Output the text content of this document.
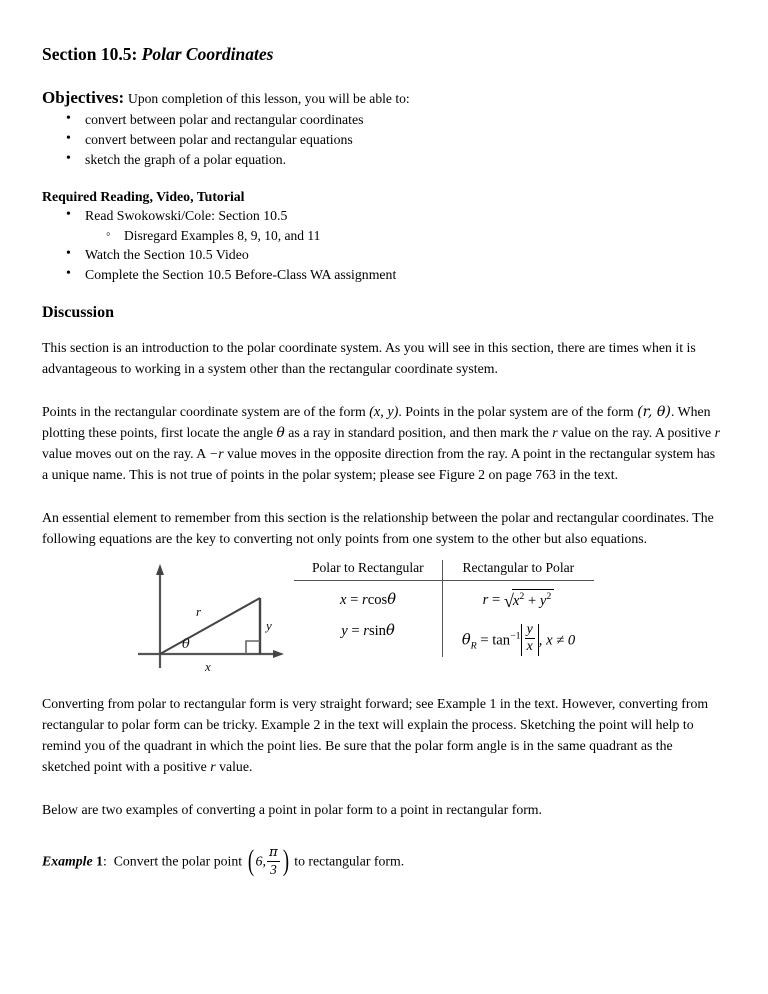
Section 10.5: Polar Coordinates

Objectives: Upon completion of this lesson, you will be able to:

• convert between polar and rectangular coordinates
• convert between polar and rectangular equations
• sketch the graph of a polar equation.

Required Reading, Video, Tutorial

• Read Swokowski/Cole: Section 10.5
◦ Disregard Examples 8, 9, 10, and 11
• Watch the Section 10.5 Video
• Complete the Section 10.5 Before-Class WA assignment
Discussion

This section is an introduction to the polar coordinate system. As you will see in this section, there are times when it is advantageous to working in a system other than the rectangular coordinate system.

Points in the rectangular coordinate system are of the form (x, y). Points in the polar system are of the form (r, θ). When plotting these points, first locate the angle θ as a ray in standard position, and then mark the r value on the ray. A positive r value moves out on the ray. A −r value moves in the opposite direction from the ray. A point in the rectangular system has a unique name. This is not true of points in the polar system; please see Figure 2 on page 763 in the text.

An essential element to remember from this section is the relationship between the polar and rectangular coordinates. The following equations are the key to converting not only points from one system to the other but also equations.

r
y
x
θ
Polar to Rectangular	Rectangular to Polar
x = rcosθ
y = rsinθ
$r = √x^2 + y^2$
$\theta_R = \tan^{-1} \frac{y}{x}$ , x ≠ 0

Converting from polar to rectangular form is very straight forward; see Example 1 in the text. However, converting from rectangular to polar form can be tricky. Example 2 in the text will explain the process. Sketching the point will help to remind you of the quadrant in which the point lies. Be sure that the polar form angle is in the same quadrant as the sketched point with a positive r value.

Below are two examples of converting a point in polar form to a point in rectangular form.

Example 1: Convert the polar point ( 6, $\frac{\pi}{3}$ ) to rectangular form.
